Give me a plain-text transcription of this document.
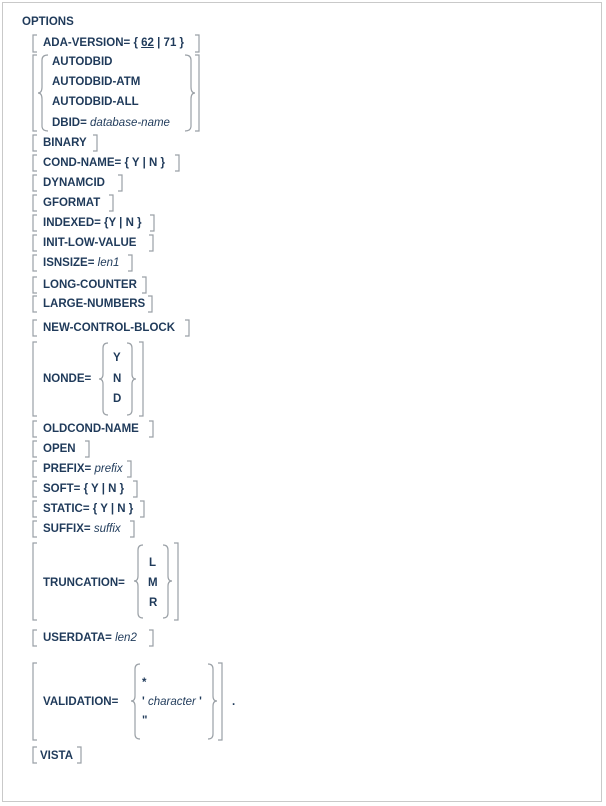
OPTIONS
ADA-VERSION= { 62 | 71 }
AUTODBID
AUTODBID-ATM
AUTODBID-ALL
DBID= database-name
BINARY
COND-NAME= { Y | N }
DYNAMCID
GFORMAT
INDEXED= {Y | N }
INIT-LOW-VALUE
ISNSIZE= len1
LONG-COUNTER
LARGE-NUMBERS
NEW-CONTROL-BLOCK
NONDE=
Y
N
D
OLDCOND-NAME
OPEN
PREFIX= prefix
SOFT= { Y | N }
STATIC= { Y | N }
SUFFIX= suffix
TRUNCATION=
L
M
R
USERDATA= len2
VALIDATION=
*
' character '
"
.
VISTA
